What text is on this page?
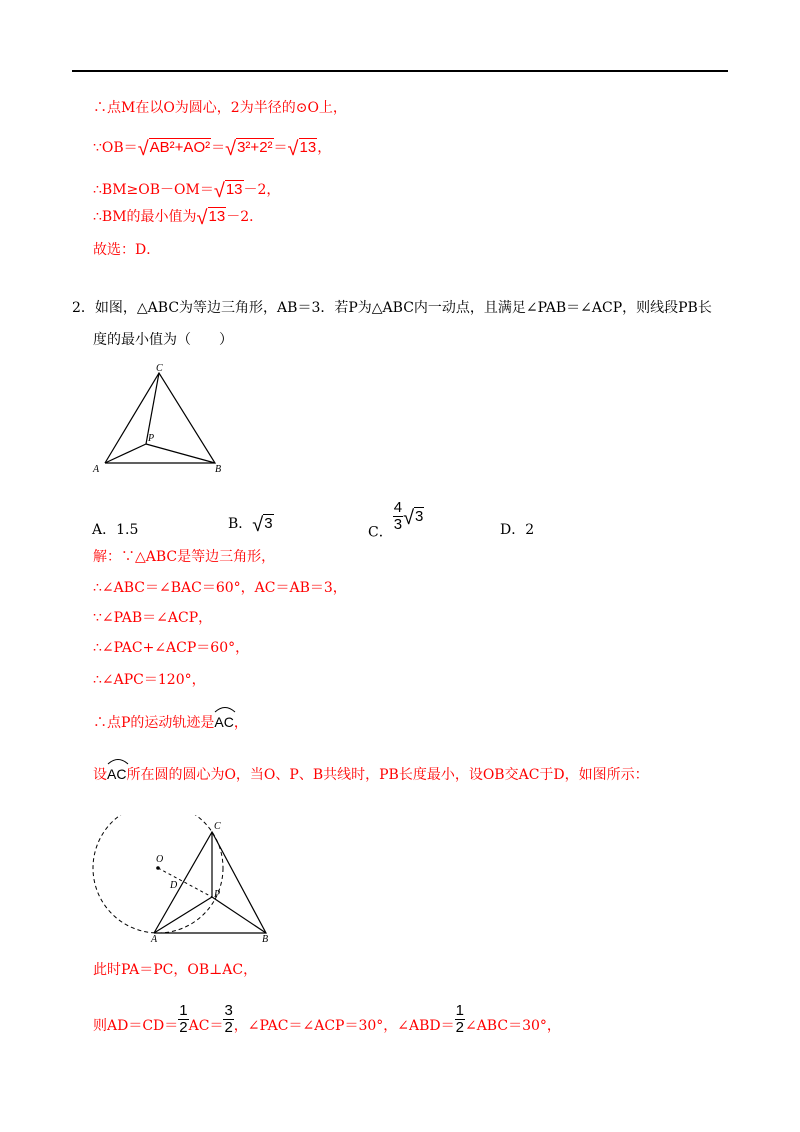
∴点M在以O为圆心，2为半径的⊙O上，
∵OB＝√AB²+AO²＝√3²+2²＝√13，
∴BM≥OB－OM＝√13－2，
∴BM的最小值为√13－2．
故选：D．
2．如图，△ABC为等边三角形，AB＝3．若P为△ABC内一动点，且满足∠PAB＝∠ACP，则线段PB长
度的最小值为（　　）
C
P
A	B
A．1.5	B．√3
C． $\frac{4}{3} √3$
D．2
解：∵△ABC是等边三角形，
∴∠ABC＝∠BAC＝60°，AC＝AB＝3，
∵∠PAB＝∠ACP，
∴∠PAC+∠ACP＝60°，
∴∠APC＝120°，
∴点P的运动轨迹是
AC，
设
AC所在圆的圆心为O，当O、P、B共线时，PB长度最小，设OB交AC于D，如图所示：
O
D
P
C
A	B
此时PA＝PC，OB⊥AC，
则$AD=CD= \frac{1}{2} AC= \frac{3}{2}$ ，∠PAC＝∠ACP＝30°，∠ABD＝ $\frac{1}{2}$ ∠ABC＝30°，
